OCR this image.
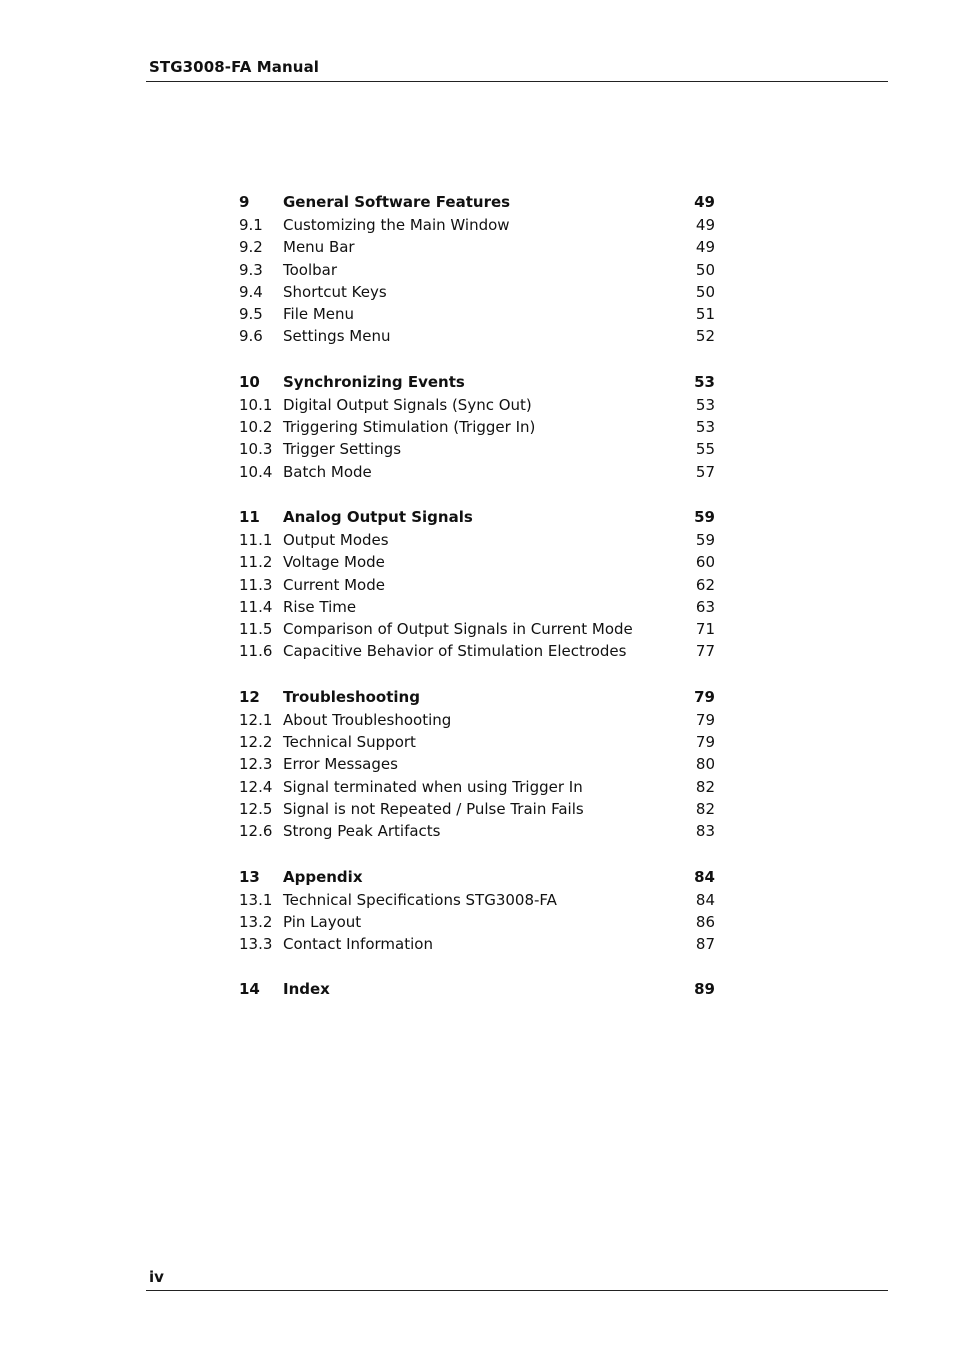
STG3008-FA Manual
9 General Software Features	49
9.1 Customizing the Main Window	49
9.2 Menu Bar	49
9.3 Toolbar	50
9.4 Shortcut Keys	50
9.5 File Menu	51
9.6 Settings Menu	52
10 Synchronizing Events	53
10.1 Digital Output Signals (Sync Out)	53
10.2 Triggering Stimulation (Trigger In)	53
10.3 Trigger Settings	55
10.4 Batch Mode	57
11 Analog Output Signals	59
11.1 Output Modes	59
11.2 Voltage Mode	60
11.3 Current Mode	62
11.4 Rise Time	63
11.5 Comparison of Output Signals in Current Mode	71
11.6 Capacitive Behavior of Stimulation Electrodes	77
12 Troubleshooting	79
12.1 About Troubleshooting	79
12.2 Technical Support	79
12.3 Error Messages	80
12.4 Signal terminated when using Trigger In	82
12.5 Signal is not Repeated / Pulse Train Fails	82
12.6 Strong Peak Artifacts	83
13 Appendix	84
13.1 Technical Specifications STG3008-FA	84
13.2 Pin Layout	86
13.3 Contact Information	87
14 Index	89
iv
